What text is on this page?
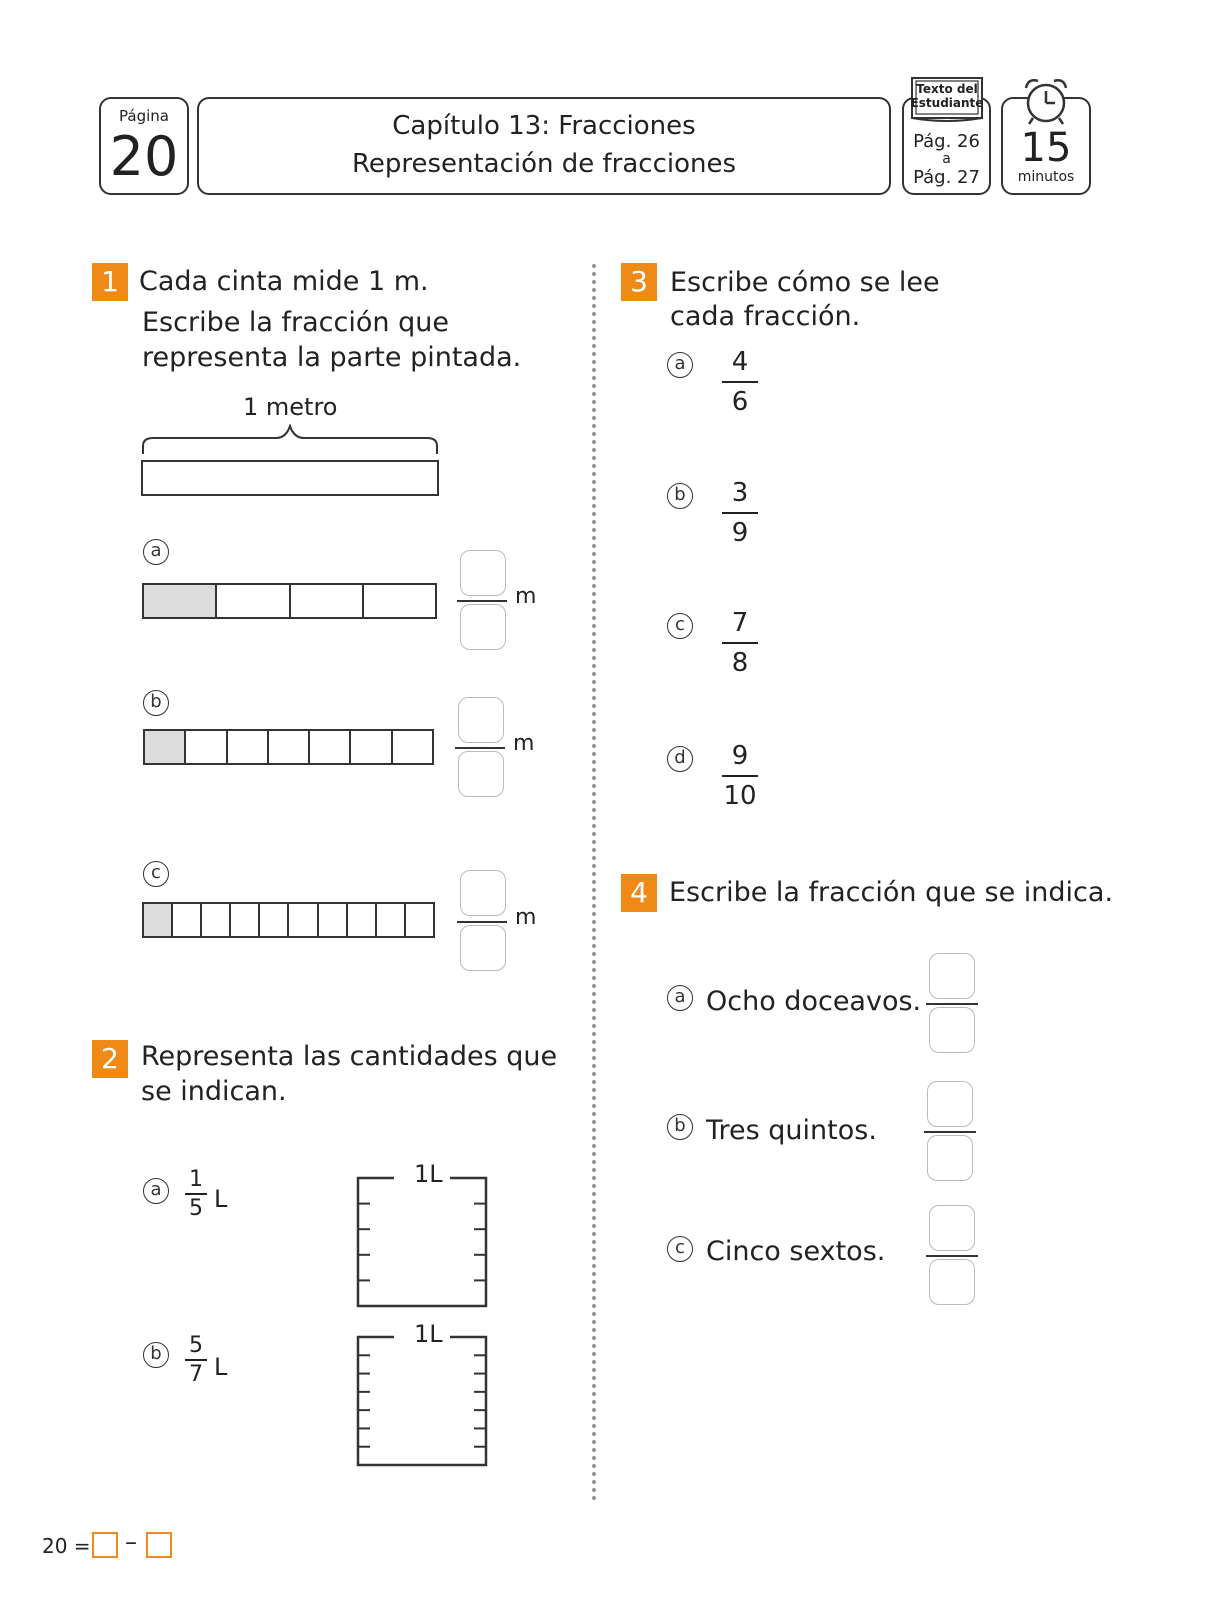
Página
20	Capítulo 13: Fracciones
Representación de fracciones
Pág. 26
a
Pág. 27
Texto del
Estudiante
15
minutos
1 Cada cinta mide 1 m.
Escribe la fracción que
representa la parte pintada.
1 metro
a
m
b
m
c
m
2 Representa las cantidades que
se indican.
a	1
5 L
1L
b	5
7 L
1L
3 Escribe cómo se lee
cada fracción.
a	4
6
b	3
9
c	7
8
d	9
10
4 Escribe la fracción que se indica.
a Ocho doceavos.
b Tres quintos.
c Cinco sextos.
20 = –
